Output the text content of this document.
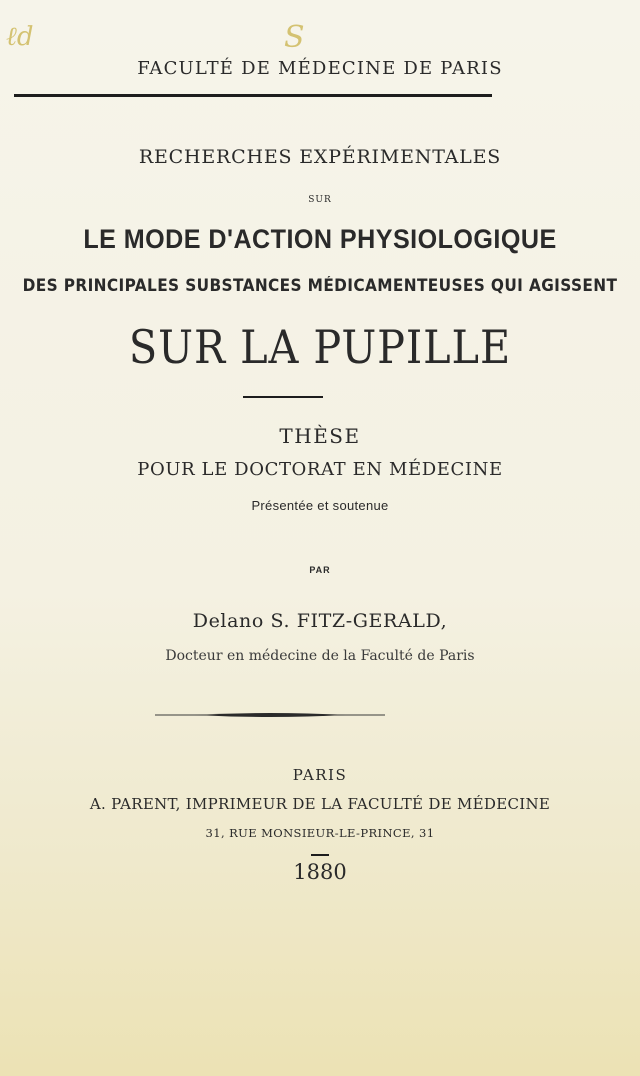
ℓd	S
FACULTÉ DE MÉDECINE DE PARIS
RECHERCHES EXPÉRIMENTALES
SUR
LE MODE D'ACTION PHYSIOLOGIQUE
DES PRINCIPALES SUBSTANCES MÉDICAMENTEUSES QUI AGISSENT
SUR LA PUPILLE
THÈSE
POUR LE DOCTORAT EN MÉDECINE
Présentée et soutenue
PAR
Delano S. FITZ-GERALD,
Docteur en médecine de la Faculté de Paris
PARIS
A. PARENT, IMPRIMEUR DE LA FACULTÉ DE MÉDECINE
31, RUE MONSIEUR-LE-PRINCE, 31
1880
